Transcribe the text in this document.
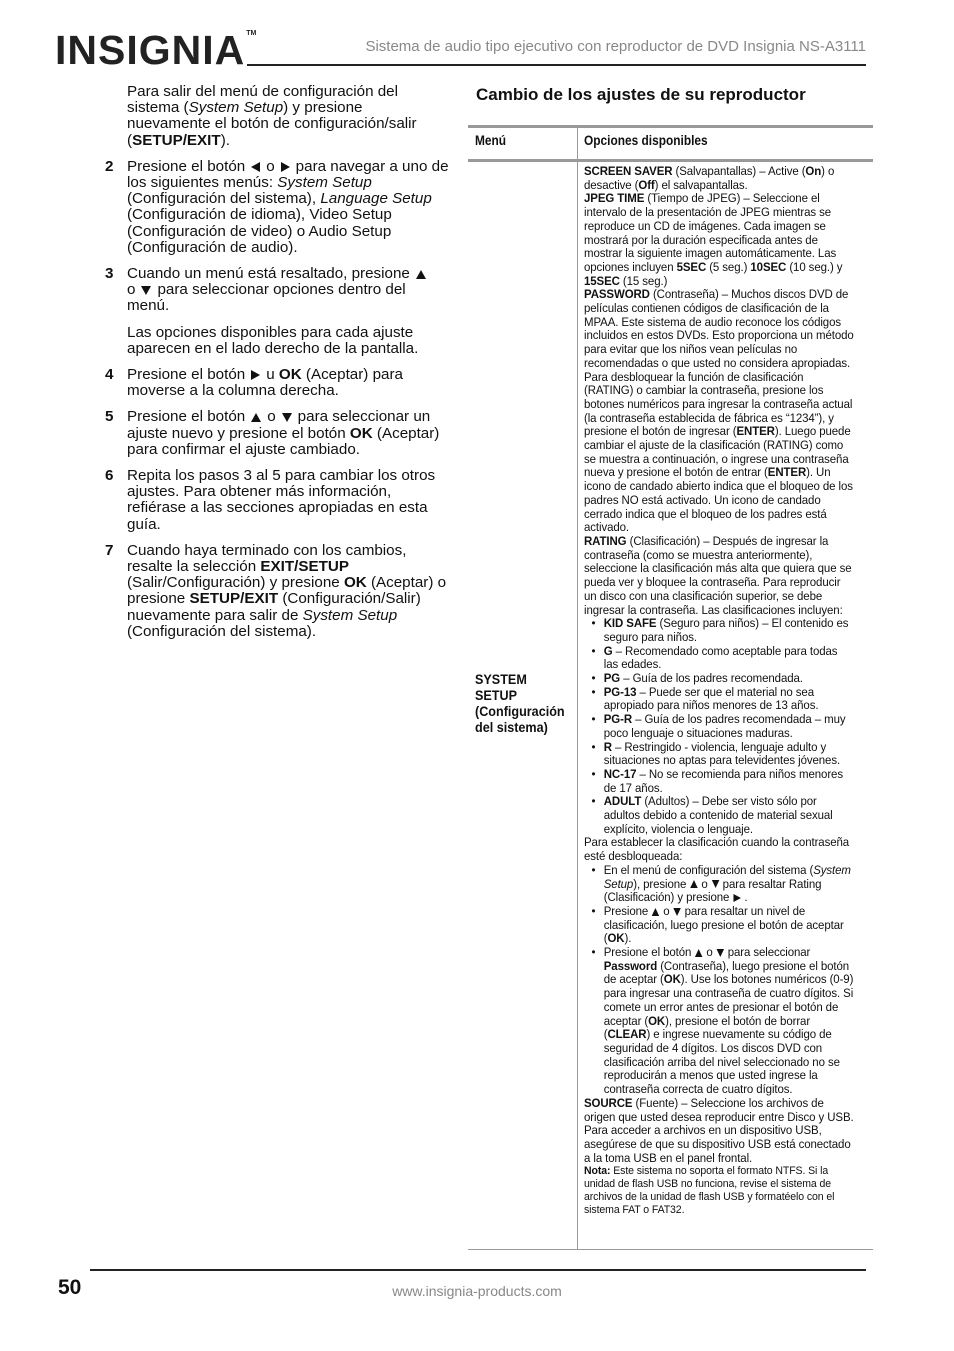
INSIGNIA™
Sistema de audio tipo ejecutivo con reproductor de DVD Insignia NS-A3111

Para salir del menú de configuración del sistema (System Setup) y presione nuevamente el botón de configuración/salir (SETUP/EXIT).

2 Presione el botón o para navegar a uno de los siguientes menús: System Setup (Configuración del sistema), Language Setup (Configuración de idioma), Video Setup (Configuración de video) o Audio Setup (Configuración de audio).
3 Cuando un menú está resaltado, presione
o para seleccionar opciones dentro del menú.

Las opciones disponibles para cada ajuste aparecen en el lado derecho de la pantalla.

4 Presione el botón u OK (Aceptar) para moverse a la columna derecha.
5 Presione el botón o para seleccionar un ajuste nuevo y presione el botón OK (Aceptar) para confirmar el ajuste cambiado.
6 Repita los pasos 3 al 5 para cambiar los otros ajustes. Para obtener más información, refiérase a las secciones apropiadas en esta guía.
7 Cuando haya terminado con los cambios, resalte la selección EXIT/SETUP (Salir/Configuración) y presione OK (Aceptar) o presione SETUP/EXIT (Configuración/Salir) nuevamente para salir de System Setup (Configuración del sistema).
Cambio de los ajustes de su reproductor
Menú	Opciones disponibles
SYSTEM
SETUP
(Configuración
del sistema)

SCREEN SAVER (Salvapantallas) – Active (On) o desactive (Off) el salvapantallas.

JPEG TIME (Tiempo de JPEG) – Seleccione el intervalo de la presentación de JPEG mientras se reproduce un CD de imágenes. Cada imagen se mostrará por la duración especificada antes de mostrar la siguiente imagen automáticamente. Las opciones incluyen 5SEC (5 seg.) 10SEC (10 seg.) y 15SEC (15 seg.)

PASSWORD (Contraseña) – Muchos discos DVD de películas contienen códigos de clasificación de la MPAA. Este sistema de audio reconoce los códigos incluidos en estos DVDs. Esto proporciona un método para evitar que los niños vean películas no recomendadas o que usted no considera apropiadas. Para desbloquear la función de clasificación (RATING) o cambiar la contraseña, presione los botones numéricos para ingresar la contraseña actual (la contraseña establecida de fábrica es “1234”), y presione el botón de ingresar (ENTER). Luego puede cambiar el ajuste de la clasificación (RATING) como se muestra a continuación, o ingrese una contraseña nueva y presione el botón de entrar (ENTER). Un icono de candado abierto indica que el bloqueo de los padres NO está activado. Un icono de candado cerrado indica que el bloqueo de los padres está activado.

RATING (Clasificación) – Después de ingresar la contraseña (como se muestra anteriormente), seleccione la clasificación más alta que quiera que se pueda ver y bloquee la contraseña. Para reproducir un disco con una clasificación superior, se debe ingresar la contraseña. Las clasificaciones incluyen:

• KID SAFE (Seguro para niños) – El contenido es seguro para niños.
• G – Recomendado como aceptable para todas las edades.
• PG – Guía de los padres recomendada.
• PG-13 – Puede ser que el material no sea apropiado para niños menores de 13 años.
• PG-R – Guía de los padres recomendada – muy poco lenguaje o situaciones maduras.
• R – Restringido - violencia, lenguaje adulto y situaciones no aptas para televidentes jóvenes.
• NC-17 – No se recomienda para niños menores de 17 años.
• ADULT (Adultos) – Debe ser visto sólo por adultos debido a contenido de material sexual explícito, violencia o lenguaje.

Para establecer la clasificación cuando la contraseña esté desbloqueada:

• En el menú de configuración del sistema (System Setup), presione o para resaltar Rating (Clasificación) y presione .
• Presione o para resaltar un nivel de clasificación, luego presione el botón de aceptar (OK).
• Presione el botón o para seleccionar Password (Contraseña), luego presione el botón de aceptar (OK). Use los botones numéricos (0-9) para ingresar una contraseña de cuatro dígitos. Si comete un error antes de presionar el botón de aceptar (OK), presione el botón de borrar (CLEAR) e ingrese nuevamente su código de seguridad de 4 dígitos. Los discos DVD con clasificación arriba del nivel seleccionado no se reproducirán a menos que usted ingrese la contraseña correcta de cuatro dígitos.

SOURCE (Fuente) – Seleccione los archivos de origen que usted desea reproducir entre Disco y USB. Para acceder a archivos en un dispositivo USB, asegúrese de que su dispositivo USB está conectado a la toma USB en el panel frontal.

Nota: Este sistema no soporta el formato NTFS. Si la unidad de flash USB no funciona, revise el sistema de archivos de la unidad de flash USB y formatéelo con el sistema FAT o FAT32.

50	www.insignia-products.com
